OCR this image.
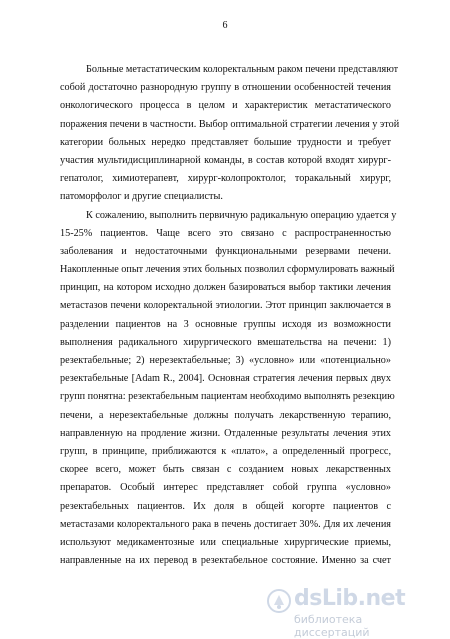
6
Больные метастатическим колоректальным раком печени представляют
собой достаточно разнородную группу в отношении особенностей течения
онкологического процесса в целом и характеристик метастатического
поражения печени в частности. Выбор оптимальной стратегии лечения у этой
категории больных нередко представляет большие трудности и требует
участия мультидисциплинарной команды, в состав которой входят хирург-
гепатолог, химиотерапевт, хирург-колопроктолог, торакальный хирург,
патоморфолог и другие специалисты.
К сожалению, выполнить первичную радикальную операцию удается у
15-25% пациентов. Чаще всего это связано с распространенностью
заболевания и недостаточными функциональными резервами печени.
Накопленные опыт лечения этих больных позволил сформулировать важный
принцип, на котором исходно должен базироваться выбор тактики лечения
метастазов печени колоректальной этиологии. Этот принцип заключается в
разделении пациентов на 3 основные группы исходя из возможности
выполнения радикального хирургического вмешательства на печени: 1)
резектабельные; 2) нерезектабельные; 3) «условно» или «потенциально»
резектабельные [Adam R., 2004]. Основная стратегия лечения первых двух
групп понятна: резектабельным пациентам необходимо выполнять резекцию
печени, а нерезектабельные должны получать лекарственную терапию,
направленную на продление жизни. Отдаленные результаты лечения этих
групп, в принципе, приближаются к «плато», а определенный прогресс,
скорее всего, может быть связан с созданием новых лекарственных
препаратов. Особый интерес представляет собой группа «условно»
резектабельных пациентов. Их доля в общей когорте пациентов с
метастазами колоректального рака в печень достигает 30%. Для их лечения
используют медикаментозные или специальные хирургические приемы,
направленные на их перевод в резектабельное состояние. Именно за счет
dsLib.net
библиотека диссертаций
